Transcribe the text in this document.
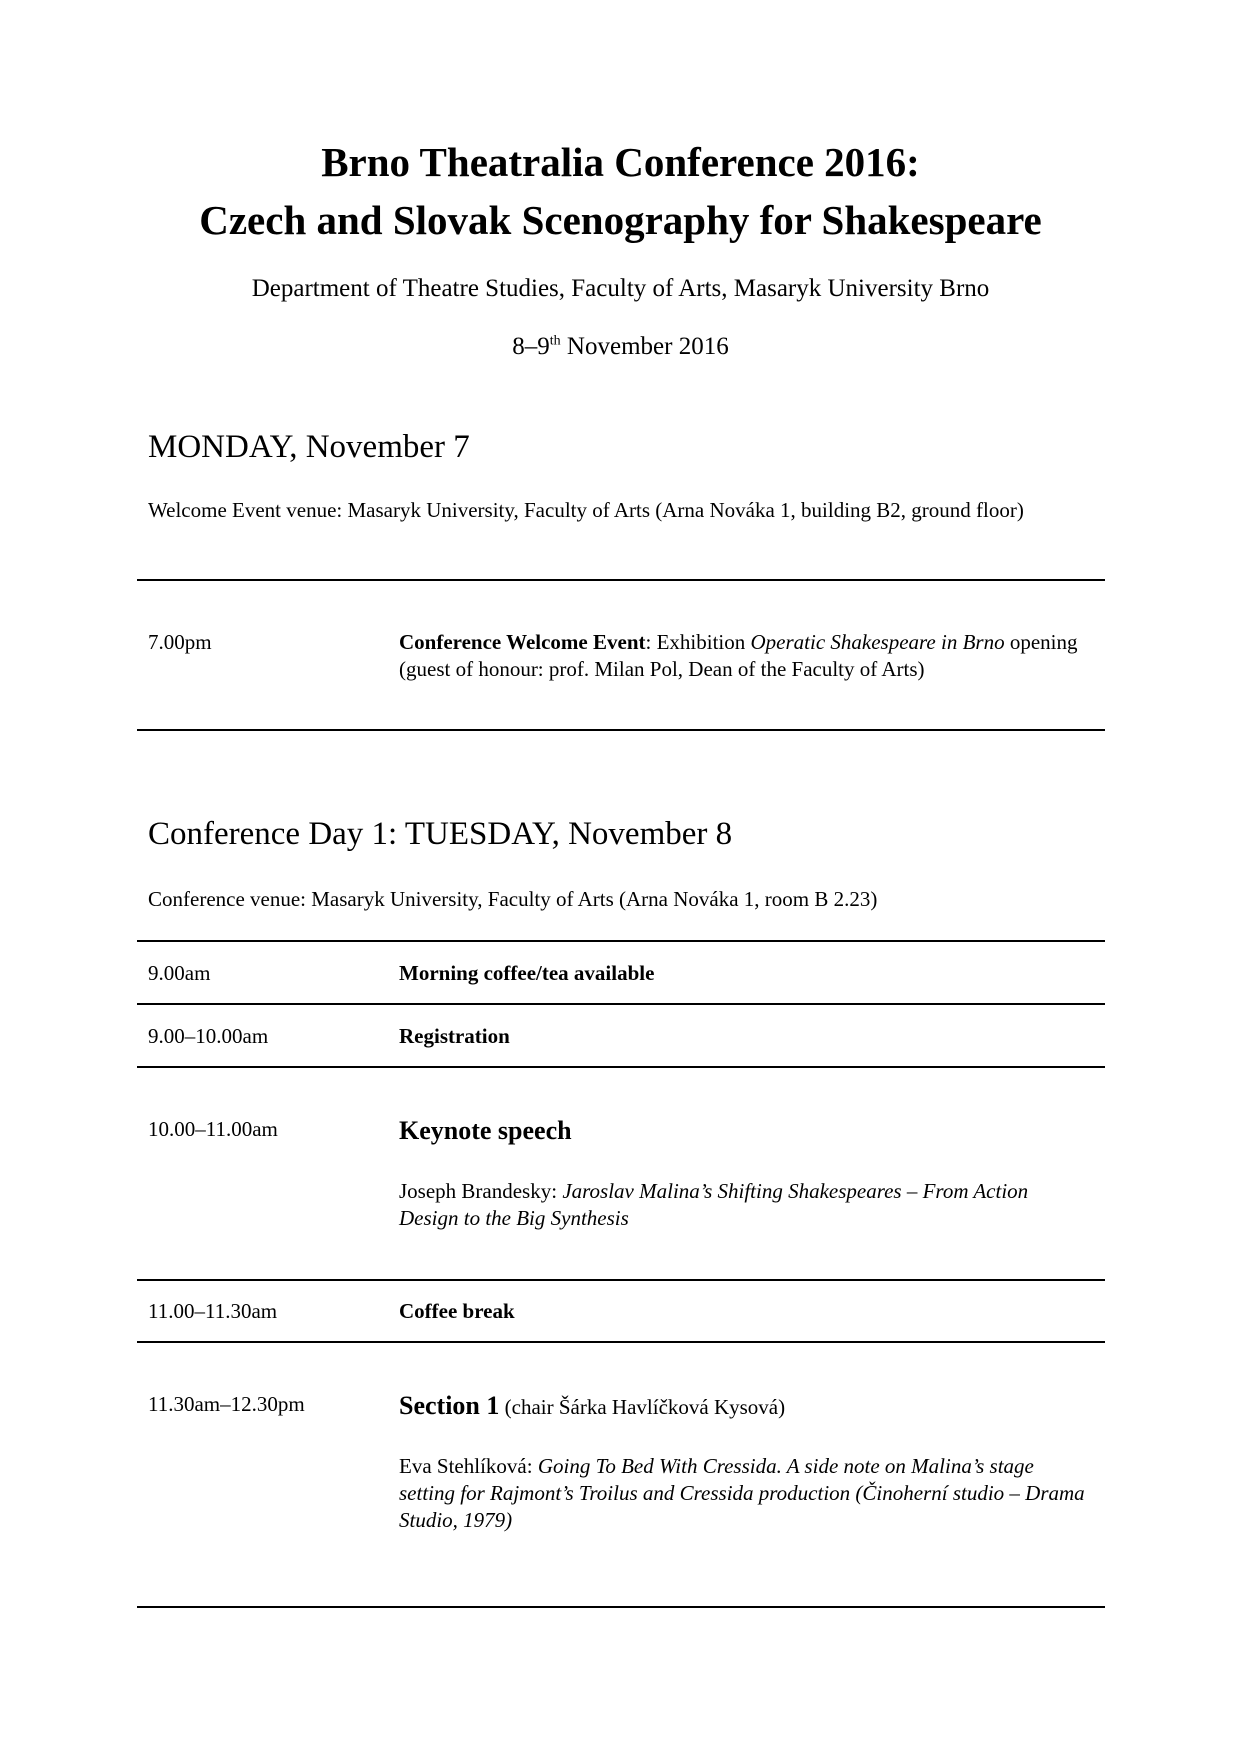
Brno Theatralia Conference 2016:
Czech and Slovak Scenography for Shakespeare
Department of Theatre Studies, Faculty of Arts, Masaryk University Brno
8–9th November 2016
MONDAY, November 7
Welcome Event venue: Masaryk University, Faculty of Arts (Arna Nováka 1, building B2, ground floor)
7.00pm	Conference Welcome Event: Exhibition Operatic Shakespeare in Brno opening (guest of honour: prof. Milan Pol, Dean of the Faculty of Arts)
Conference Day 1: TUESDAY, November 8
Conference venue: Masaryk University, Faculty of Arts (Arna Nováka 1, room B 2.23)
9.00am	Morning coffee/tea available
9.00–10.00am	Registration
10.00–11.00am	Keynote speech
Joseph Brandesky: Jaroslav Malina’s Shifting Shakespeares – From Action Design to the Big Synthesis
11.00–11.30am	Coffee break
11.30am–12.30pm	Section 1 (chair Šárka Havlíčková Kysová)
Eva Stehlíková: Going To Bed With Cressida. A side note on Malina’s stage setting for Rajmont’s Troilus and Cressida production (Činoherní studio – Drama Studio, 1979)
